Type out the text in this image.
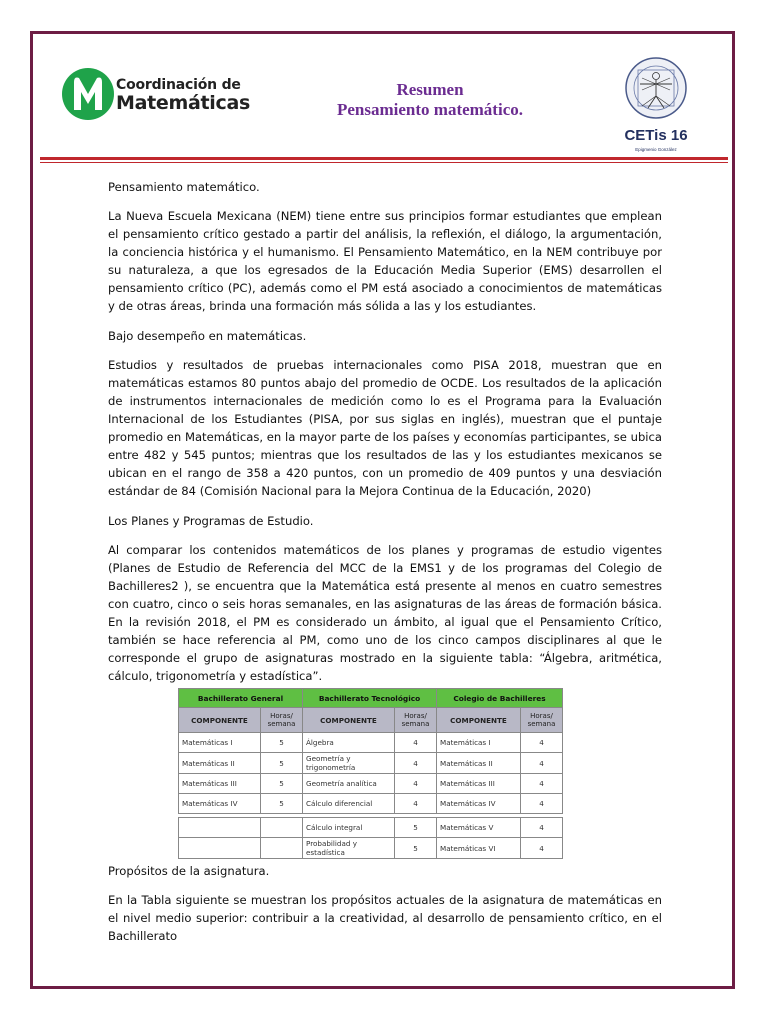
Coordinación de
Matemáticas
Resumen
Pensamiento matemático.
CETis 16
Epigmenio González

Pensamiento matemático.

La Nueva Escuela Mexicana (NEM) tiene entre sus principios formar estudiantes que emplean el pensamiento crítico gestado a partir del análisis, la reflexión, el diálogo, la argumentación, la conciencia histórica y el humanismo. El Pensamiento Matemático, en la NEM contribuye por su naturaleza, a que los egresados de la Educación Media Superior (EMS) desarrollen el pensamiento crítico (PC), además como el PM está asociado a conocimientos de matemáticas y de otras áreas, brinda una formación más sólida a las y los estudiantes.

Bajo desempeño en matemáticas.

Estudios y resultados de pruebas internacionales como PISA 2018, muestran que en matemáticas estamos 80 puntos abajo del promedio de OCDE. Los resultados de la aplicación de instrumentos internacionales de medición como lo es el Programa para la Evaluación Internacional de los Estudiantes (PISA, por sus siglas en inglés), muestran que el puntaje promedio en Matemáticas, en la mayor parte de los países y economías participantes, se ubica entre 482 y 545 puntos; mientras que los resultados de las y los estudiantes mexicanos se ubican en el rango de 358 a 420 puntos, con un promedio de 409 puntos y una desviación estándar de 84 (Comisión Nacional para la Mejora Continua de la Educación, 2020)

Los Planes y Programas de Estudio.

Al comparar los contenidos matemáticos de los planes y programas de estudio vigentes (Planes de Estudio de Referencia del MCC de la EMS1 y de los programas del Colegio de Bachilleres2 ), se encuentra que la Matemática está presente al menos en cuatro semestres con cuatro, cinco o seis horas semanales, en las asignaturas de las áreas de formación básica. En la revisión 2018, el PM es considerado un ámbito, al igual que el Pensamiento Crítico, también se hace referencia al PM, como uno de los cinco campos disciplinares al que le corresponde el grupo de asignaturas mostrado en la siguiente tabla: “Álgebra, aritmética, cálculo, trigonometría y estadística”.

Bachillerato General		Bachillerato Tecnológico		Colegio de Bachilleres	
COMPONENTE	Horas/ semana	COMPONENTE	Horas/ semana	COMPONENTE	Horas/ semana
Matemáticas I	5	Álgebra	4	Matemáticas I	4
Matemáticas II	5	Geometría y trigonometría	4	Matemáticas II	4
Matemáticas III	5	Geometría analítica	4	Matemáticas III	4
Matemáticas IV	5	Cálculo diferencial	4	Matemáticas IV	4

		Cálculo integral	5	Matemáticas V	4
		Probabilidad y estadística	5	Matemáticas VI	4

Propósitos de la asignatura.

En la Tabla siguiente se muestran los propósitos actuales de la asignatura de matemáticas en el nivel medio superior: contribuir a la creatividad, al desarrollo de pensamiento crítico, en el Bachillerato
